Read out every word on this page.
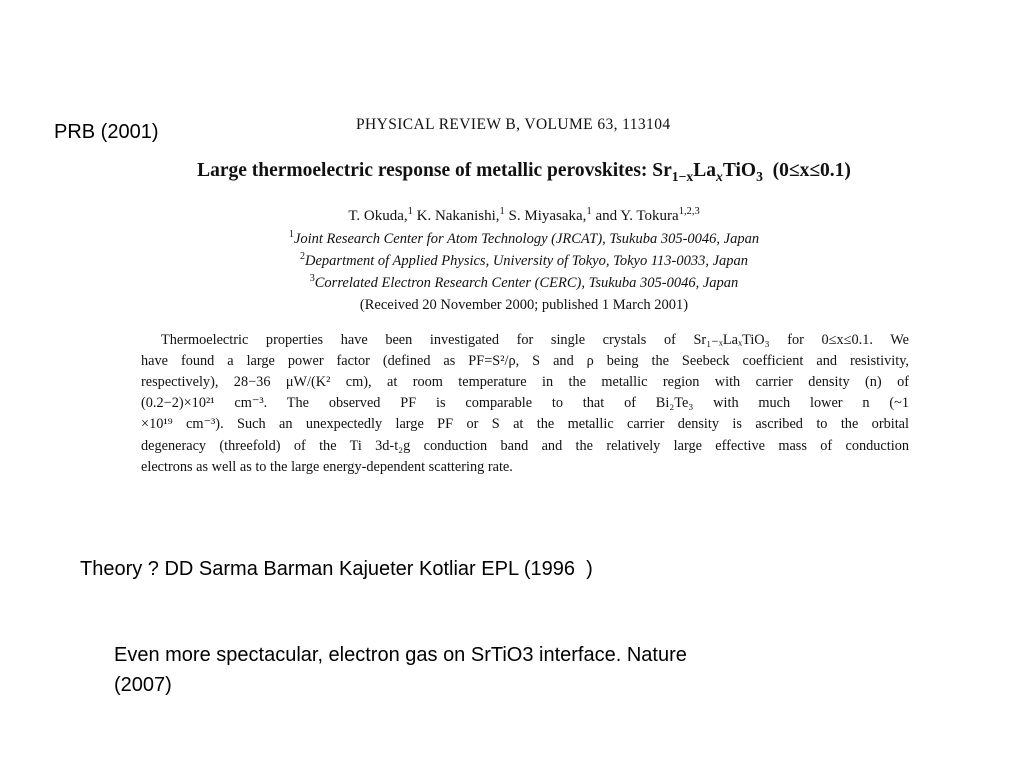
PRB (2001)	PHYSICAL REVIEW B, VOLUME 63, 113104
Large thermoelectric response of metallic perovskites: $Sr_{1-x}La_xTiO_3$ (0≤x≤0.1)
T. Okuda,$^1$ K. Nakanishi,$^1$ S. Miyasaka,$^1$ and Y. Tokura$^{1,2,3}$
$^1$Joint Research Center for Atom Technology (JRCAT), Tsukuba 305-0046, Japan
$^2$Department of Applied Physics, University of Tokyo, Tokyo 113-0033, Japan
$^3$Correlated Electron Research Center (CERC), Tsukuba 305-0046, Japan
(Received 20 November 2000; published 1 March 2001)
Thermoelectric properties have been investigated for single crystals of Sr₁₋ₓLaₓTiO₃ for 0≤x≤0.1. We
have found a large power factor (defined as PF=S²/ρ, S and ρ being the Seebeck coefficient and resistivity,
respectively), 28−36 μW/(K² cm), at room temperature in the metallic region with carrier density (n) of
(0.2−2)×10²¹ cm⁻³. The observed PF is comparable to that of Bi₂Te₃ with much lower n (~1
×10¹⁹ cm⁻³). Such an unexpectedly large PF or S at the metallic carrier density is ascribed to the orbital
degeneracy (threefold) of the Ti 3d-t₂g conduction band and the relatively large effective mass of conduction
electrons as well as to the large energy-dependent scattering rate.
Theory ? DD Sarma Barman Kajueter Kotliar EPL (1996  )
Even more spectacular, electron gas on SrTiO3 interface. Nature
(2007)
